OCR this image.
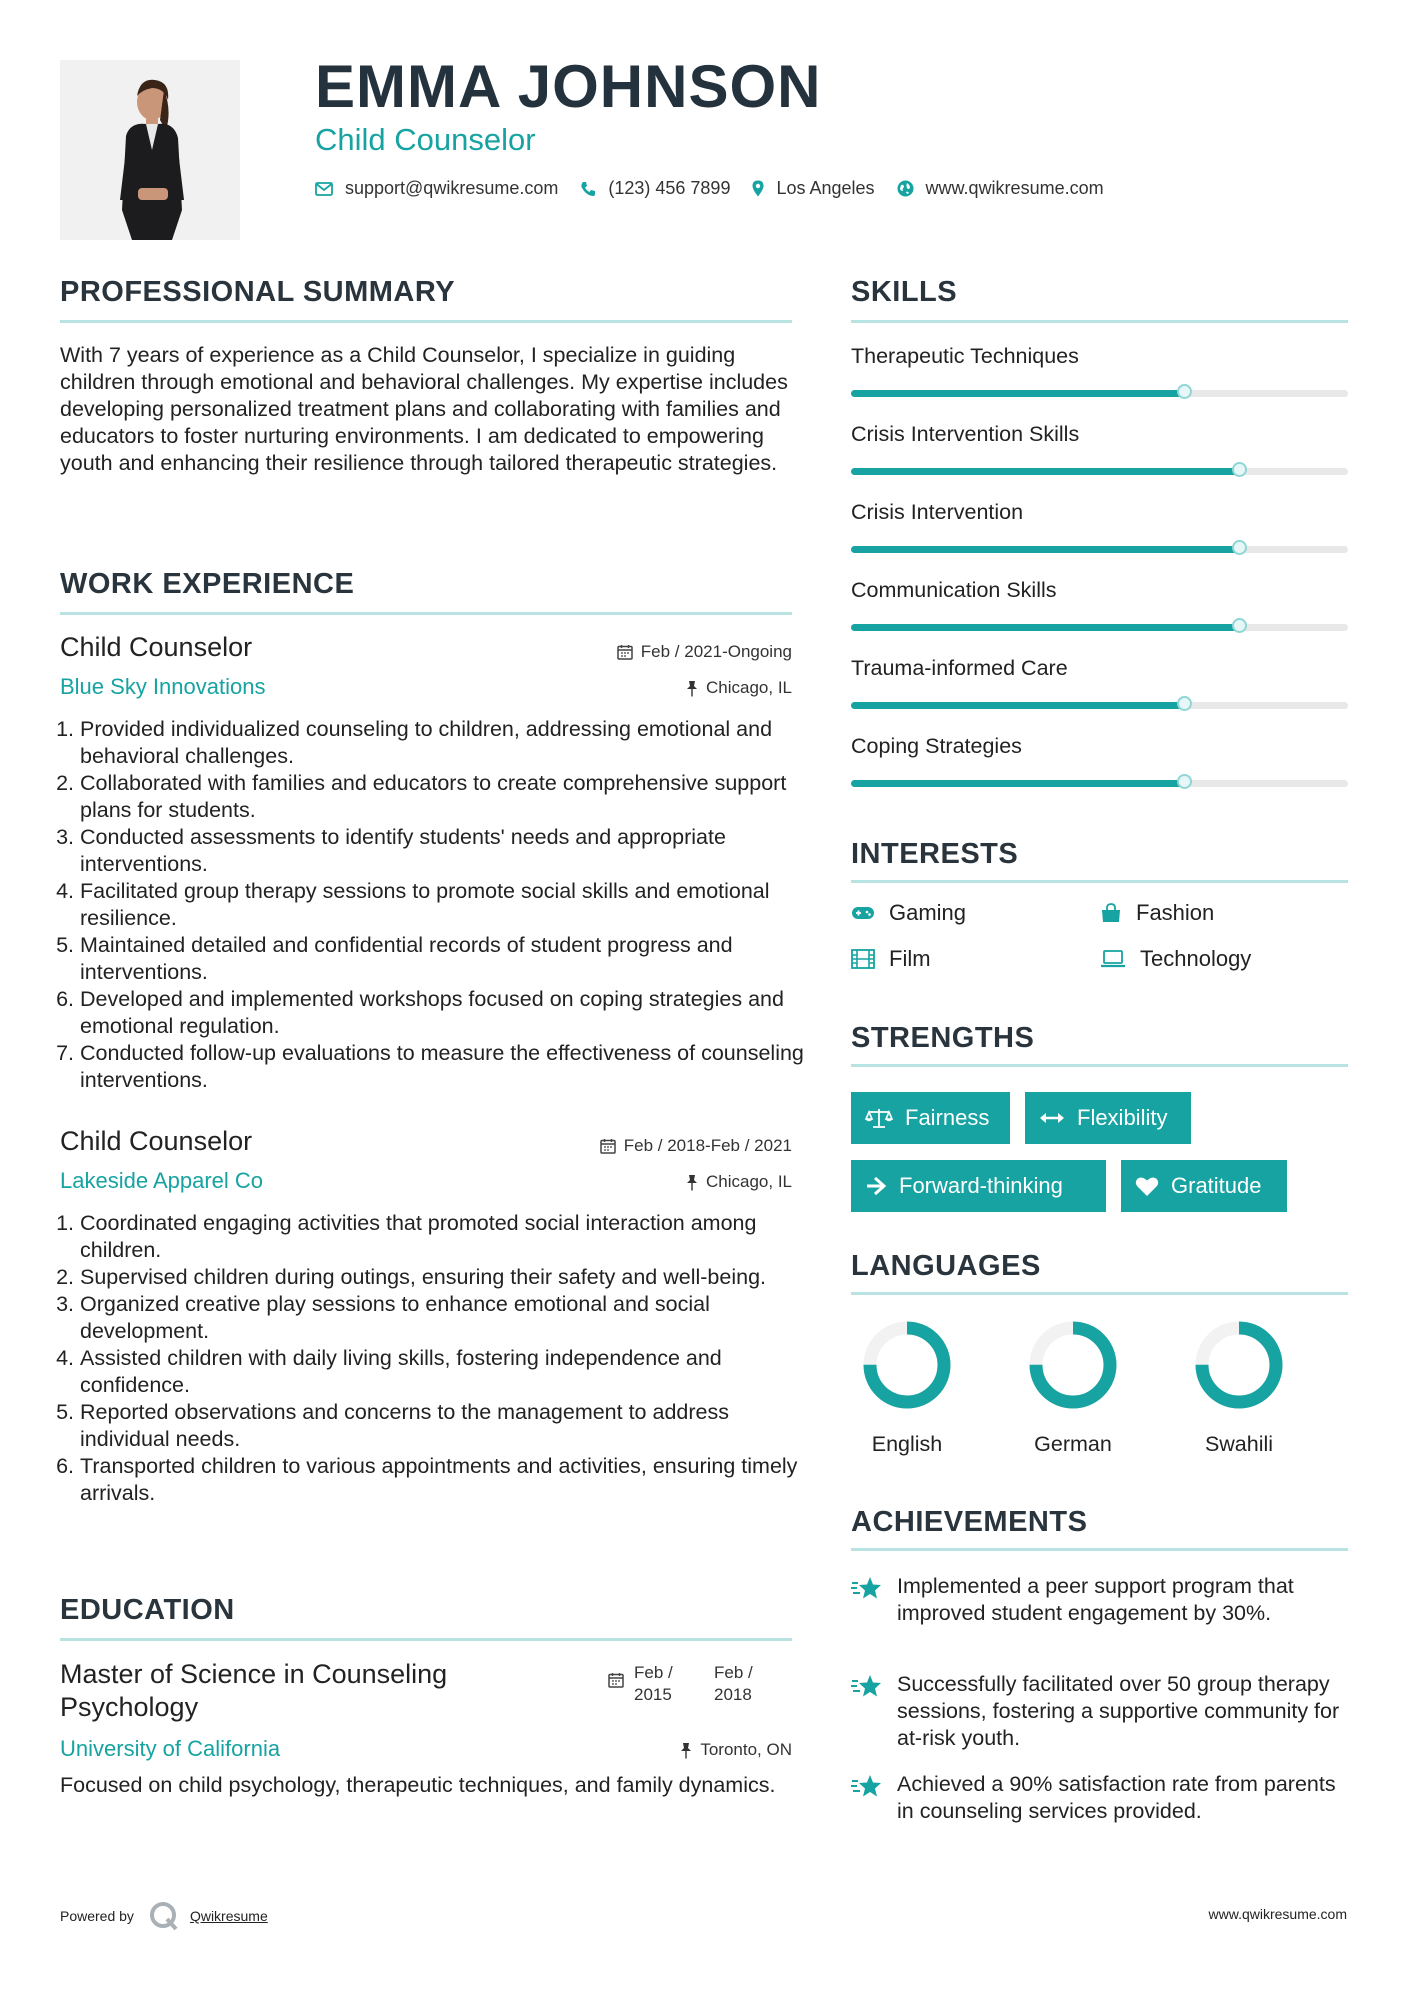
EMMA JOHNSON
Child Counselor
support@qwikresume.com	(123) 456 7899	Los Angeles	www.qwikresume.com
PROFESSIONAL SUMMARY
With 7 years of experience as a Child Counselor, I specialize in guiding children through emotional and behavioral challenges. My expertise includes developing personalized treatment plans and collaborating with families and educators to foster nurturing environments. I am dedicated to empowering youth and enhancing their resilience through tailored therapeutic strategies.
WORK EXPERIENCE
Child Counselor	Feb / 2021-Ongoing
Blue Sky Innovations	Chicago, IL
1. Provided individualized counseling to children, addressing emotional and behavioral challenges.
2. Collaborated with families and educators to create comprehensive support plans for students.
3. Conducted assessments to identify students' needs and appropriate interventions.
4. Facilitated group therapy sessions to promote social skills and emotional resilience.
5. Maintained detailed and confidential records of student progress and interventions.
6. Developed and implemented workshops focused on coping strategies and emotional regulation.
7. Conducted follow-up evaluations to measure the effectiveness of counseling interventions.
Child Counselor	Feb / 2018-Feb / 2021
Lakeside Apparel Co	Chicago, IL
1. Coordinated engaging activities that promoted social interaction among children.
2. Supervised children during outings, ensuring their safety and well-being.
3. Organized creative play sessions to enhance emotional and social development.
4. Assisted children with daily living skills, fostering independence and confidence.
5. Reported observations and concerns to the management to address individual needs.
6. Transported children to various appointments and activities, ensuring timely arrivals.
EDUCATION
Master of Science in Counseling Psychology
Feb / 2015
Feb / 2018
University of California	Toronto, ON
Focused on child psychology, therapeutic techniques, and family dynamics.
SKILLS
Therapeutic Techniques
Crisis Intervention Skills
Crisis Intervention
Communication Skills
Trauma-informed Care
Coping Strategies
INTERESTS
Gaming	Fashion
Film	Technology
STRENGTHS
Fairness	Flexibility
Forward-thinking	Gratitude
LANGUAGES
English	German	Swahili
ACHIEVEMENTS
Implemented a peer support program that improved student engagement by 30%.
Successfully facilitated over 50 group therapy sessions, fostering a supportive community for at-risk youth.
Achieved a 90% satisfaction rate from parents in counseling services provided.
Powered by	Qwikresume	www.qwikresume.com
